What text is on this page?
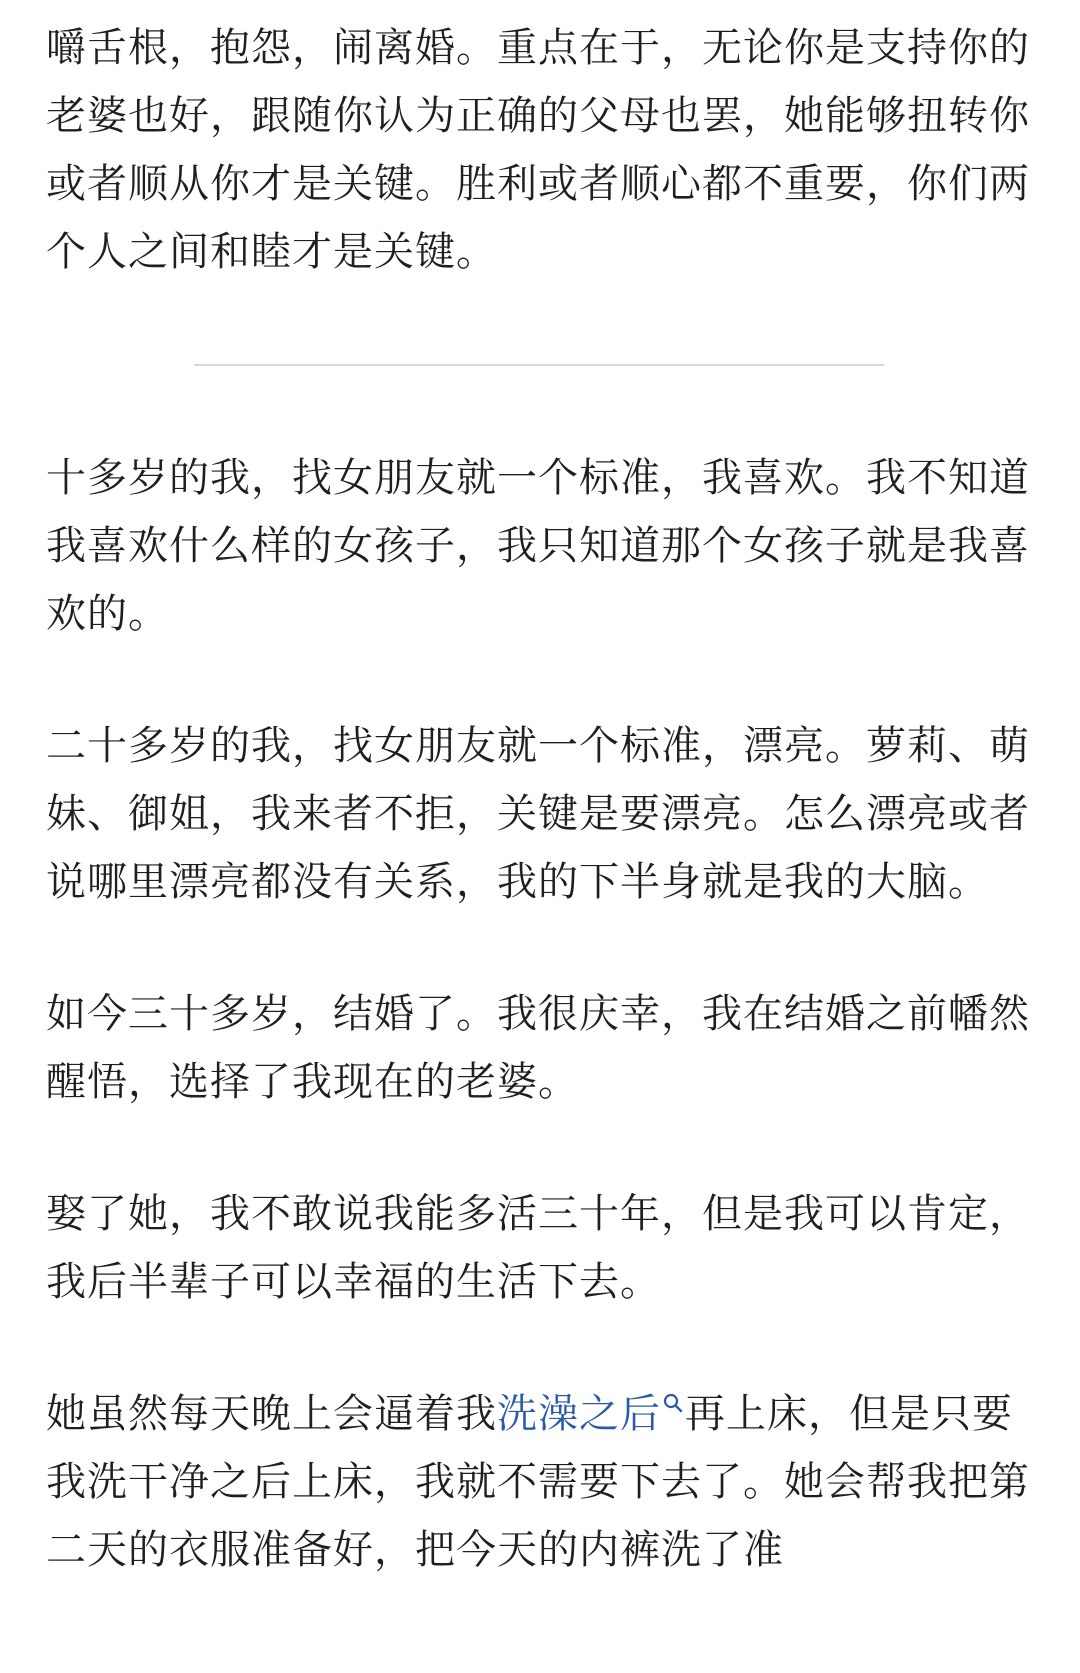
嚼舌根，抱怨，闹离婚。重点在于，无论你是支持你的老婆也好，跟随你认为正确的父母也罢，她能够扭转你或者顺从你才是关键。胜利或者顺心都不重要，你们两个人之间和睦才是关键。

十多岁的我，找女朋友就一个标准，我喜欢。我不知道我喜欢什么样的女孩子，我只知道那个女孩子就是我喜欢的。

二十多岁的我，找女朋友就一个标准，漂亮。萝莉、萌妹、御姐，我来者不拒，关键是要漂亮。怎么漂亮或者说哪里漂亮都没有关系，我的下半身就是我的大脑。

如今三十多岁，结婚了。我很庆幸，我在结婚之前幡然醒悟，选择了我现在的老婆。

娶了她，我不敢说我能多活三十年，但是我可以肯定，我后半辈子可以幸福的生活下去。

她虽然每天晚上会逼着我洗澡之后 再上床，但是只要我洗干净之后上床，我就不需要下去了。她会帮我把第二天的衣服准备好，把今天的内裤洗了准
